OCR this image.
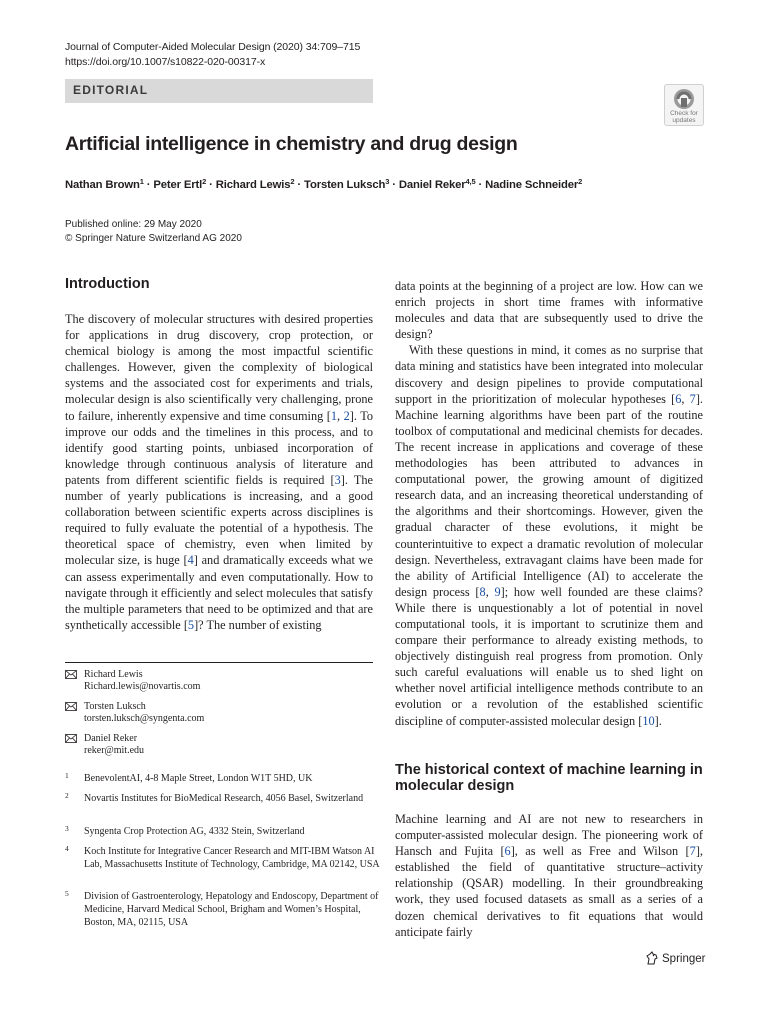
Journal of Computer-Aided Molecular Design (2020) 34:709–715
https://doi.org/10.1007/s10822-020-00317-x
EDITORIAL
Check for
updates
Artificial intelligence in chemistry and drug design
Nathan Brown$^1$ · Peter Ertl$^2$ · Richard Lewis$^2$ · Torsten Luksch$^3$ · Daniel Reker$^{4,5}$ · Nadine Schneider$^2$
Published online: 29 May 2020
© Springer Nature Switzerland AG 2020
Introduction

The discovery of molecular structures with desired properties for applications in drug discovery, crop protection, or chemical biology is among the most impactful scientific challenges. However, given the complexity of biological systems and the associated cost for experiments and trials, molecular design is also scientifically very challenging, prone to failure, inherently expensive and time consuming [1, 2]. To improve our odds and the timelines in this process, and to identify good starting points, unbiased incorporation of knowledge through continuous analysis of literature and patents from different scientific fields is required [3]. The number of yearly publications is increasing, and a good collaboration between scientific experts across disciplines is required to fully evaluate the potential of a hypothesis. The theoretical space of chemistry, even when limited by molecular size, is huge [4] and dramatically exceeds what we can assess experimentally and even computationally. How to navigate through it efficiently and select molecules that satisfy the multiple parameters that need to be optimized and that are synthetically accessible [5]? The number of existing

Richard Lewis
Richard.lewis@novartis.com
Torsten Luksch
torsten.luksch@syngenta.com
Daniel Reker
reker@mit.edu
1 BenevolentAI, 4-8 Maple Street, London W1T 5HD, UK
2 Novartis Institutes for BioMedical Research, 4056 Basel, Switzerland
3 Syngenta Crop Protection AG, 4332 Stein, Switzerland
4 Koch Institute for Integrative Cancer Research and MIT-IBM Watson AI Lab, Massachusetts Institute of Technology, Cambridge, MA 02142, USA
5 Division of Gastroenterology, Hepatology and Endoscopy, Department of Medicine, Harvard Medical School, Brigham and Women’s Hospital, Boston, MA, 02115, USA

data points at the beginning of a project are low. How can we enrich projects in short time frames with informative molecules and data that are subsequently used to drive the design?

With these questions in mind, it comes as no surprise that data mining and statistics have been integrated into molecular discovery and design pipelines to provide computational support in the prioritization of molecular hypotheses [6, 7]. Machine learning algorithms have been part of the routine toolbox of computational and medicinal chemists for decades. The recent increase in applications and coverage of these methodologies has been attributed to advances in computational power, the growing amount of digitized research data, and an increasing theoretical understanding of the algorithms and their shortcomings. However, given the gradual character of these evolutions, it might be counterintuitive to expect a dramatic revolution of molecular design. Nevertheless, extravagant claims have been made for the ability of Artificial Intelligence (AI) to accelerate the design process [8, 9]; how well founded are these claims? While there is unquestionably a lot of potential in novel computational tools, it is important to scrutinize them and compare their performance to already existing methods, to objectively distinguish real progress from promotion. Only such careful evaluations will enable us to shed light on whether novel artificial intelligence methods contribute to an evolution or a revolution of the established scientific discipline of computer-assisted molecular design [10].

The historical context of machine learning in molecular design

Machine learning and AI are not new to researchers in computer-assisted molecular design. The pioneering work of Hansch and Fujita [6], as well as Free and Wilson [7], established the field of quantitative structure–activity relationship (QSAR) modelling. In their groundbreaking work, they used focused datasets as small as a series of a dozen chemical derivatives to fit equations that would anticipate fairly

Springer
